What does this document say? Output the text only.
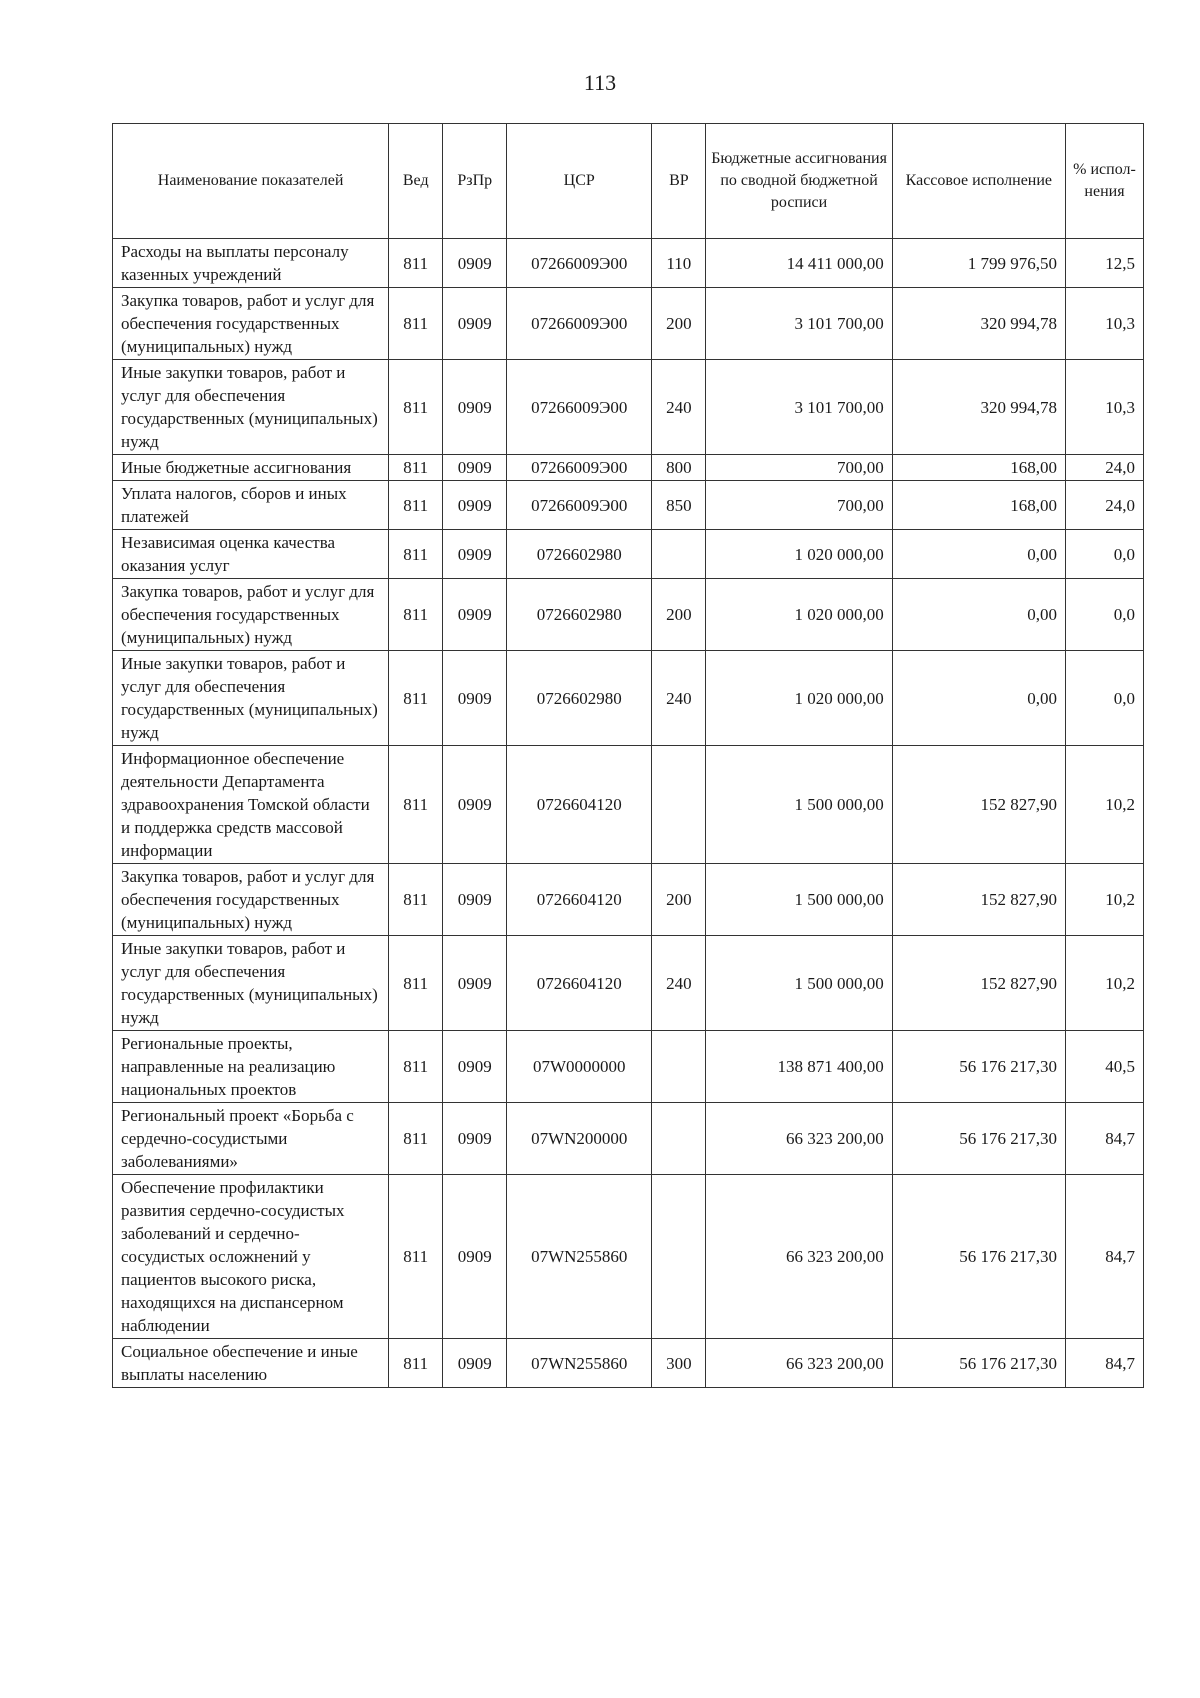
113
Наименование показателей	Вед	РзПр	ЦСР	ВР	Бюджетные ассигнования по сводной бюджетной росписи	Кассовое исполнение	% испол-нения
Расходы на выплаты персоналу казенных учреждений	811	0909	07266009Э00	110	14 411 000,00	1 799 976,50	12,5
Закупка товаров, работ и услуг для обеспечения государственных (муниципальных) нужд	811	0909	07266009Э00	200	3 101 700,00	320 994,78	10,3
Иные закупки товаров, работ и услуг для обеспечения государственных (муниципальных) нужд	811	0909	07266009Э00	240	3 101 700,00	320 994,78	10,3
Иные бюджетные ассигнования	811	0909	07266009Э00	800	700,00	168,00	24,0
Уплата налогов, сборов и иных платежей	811	0909	07266009Э00	850	700,00	168,00	24,0
Независимая оценка качества оказания услуг	811	0909	0726602980		1 020 000,00	0,00	0,0
Закупка товаров, работ и услуг для обеспечения государственных (муниципальных) нужд	811	0909	0726602980	200	1 020 000,00	0,00	0,0
Иные закупки товаров, работ и услуг для обеспечения государственных (муниципальных) нужд	811	0909	0726602980	240	1 020 000,00	0,00	0,0
Информационное обеспечение деятельности Департамента здравоохранения Томской области и поддержка средств массовой информации	811	0909	0726604120		1 500 000,00	152 827,90	10,2
Закупка товаров, работ и услуг для обеспечения государственных (муниципальных) нужд	811	0909	0726604120	200	1 500 000,00	152 827,90	10,2
Иные закупки товаров, работ и услуг для обеспечения государственных (муниципальных) нужд	811	0909	0726604120	240	1 500 000,00	152 827,90	10,2
Региональные проекты, направленные на реализацию национальных проектов	811	0909	07W0000000		138 871 400,00	56 176 217,30	40,5
Региональный проект «Борьба с сердечно-сосудистыми заболеваниями»	811	0909	07WN200000		66 323 200,00	56 176 217,30	84,7
Обеспечение профилактики развития сердечно-сосудистых заболеваний и сердечно-сосудистых осложнений у пациентов высокого риска, находящихся на диспансерном наблюдении	811	0909	07WN255860		66 323 200,00	56 176 217,30	84,7
Социальное обеспечение и иные выплаты населению	811	0909	07WN255860	300	66 323 200,00	56 176 217,30	84,7
